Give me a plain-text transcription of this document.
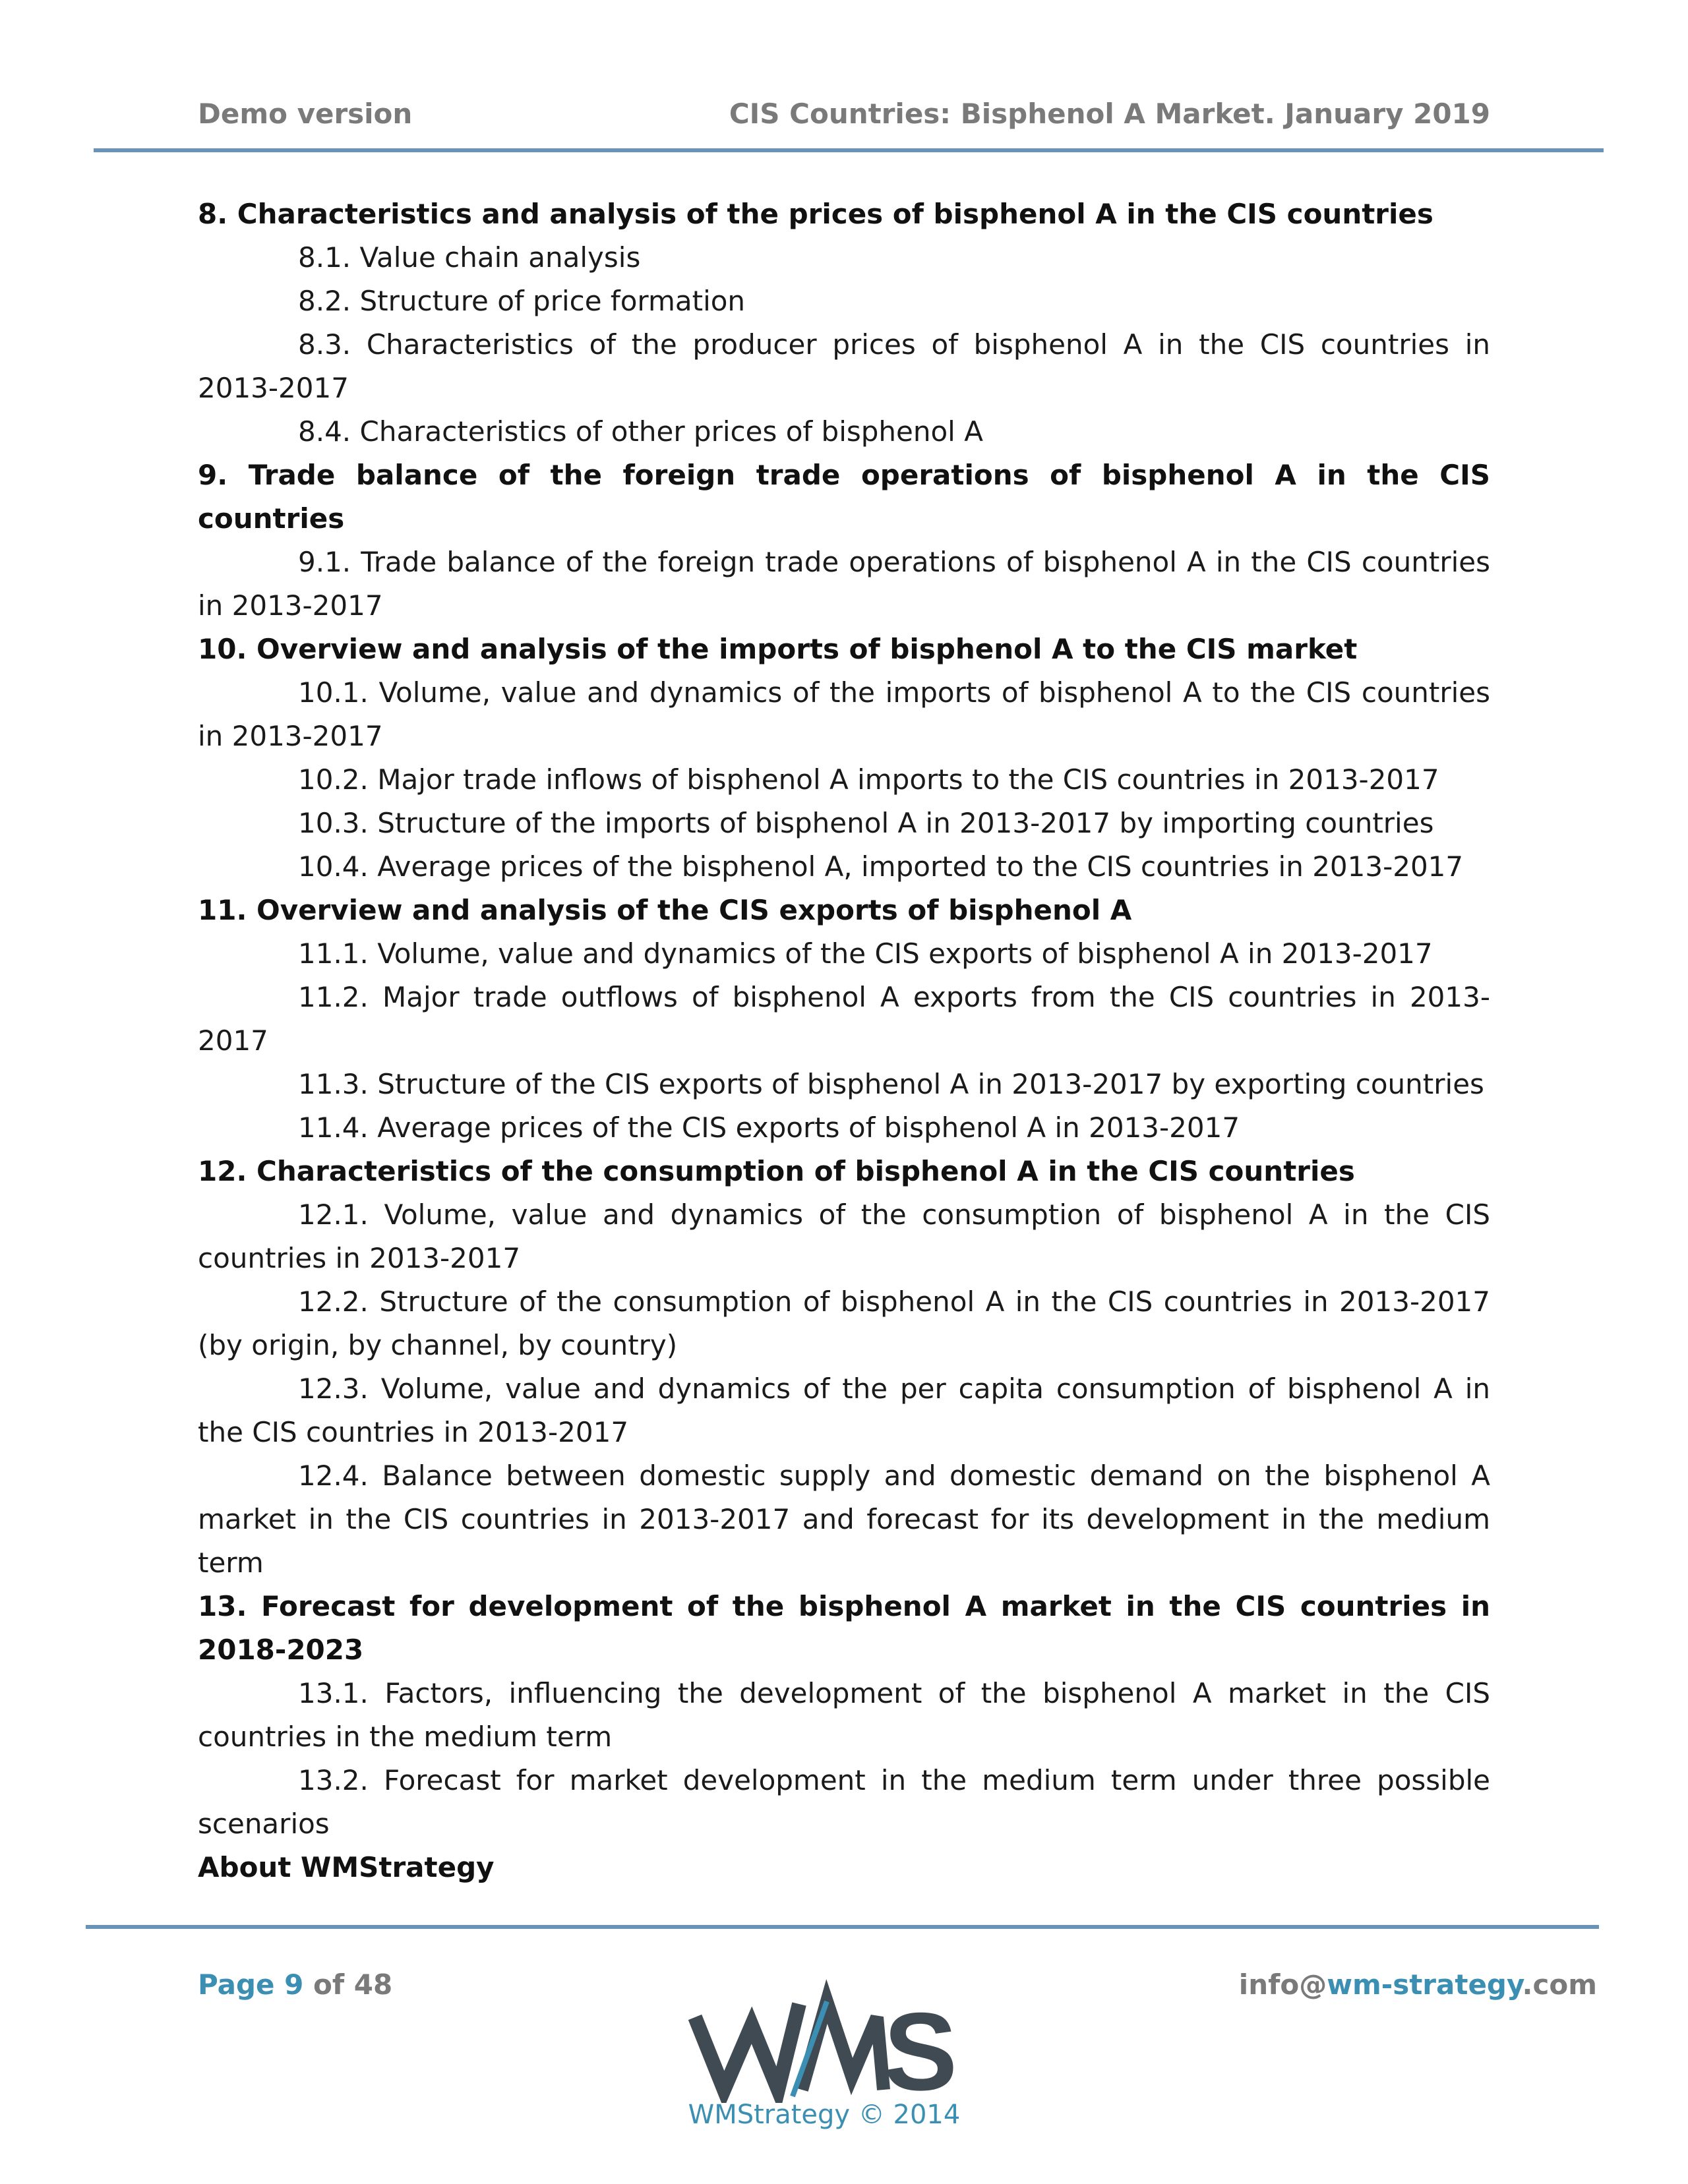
Demo version	CIS Countries: Bisphenol A Market. January 2019

8. Characteristics and analysis of the prices of bisphenol A in the CIS countries

8.1. Value chain analysis

8.2. Structure of price formation

8.3. Characteristics of the producer prices of bisphenol A in the CIS countries in 2013-2017

8.4. Characteristics of other prices of bisphenol A

9. Trade balance of the foreign trade operations of bisphenol A in the CIS countries

9.1. Trade balance of the foreign trade operations of bisphenol A in the CIS countries in 2013-2017

10. Overview and analysis of the imports of bisphenol A to the CIS market

10.1. Volume, value and dynamics of the imports of bisphenol A to the CIS countries in 2013-2017

10.2. Major trade inflows of bisphenol A imports to the CIS countries in 2013-2017

10.3. Structure of the imports of bisphenol A in 2013-2017 by importing countries

10.4. Average prices of the bisphenol A, imported to the CIS countries in 2013-2017

11. Overview and analysis of the CIS exports of bisphenol A

11.1. Volume, value and dynamics of the CIS exports of bisphenol A in 2013-2017

11.2. Major trade outflows of bisphenol A exports from the CIS countries in 2013-2017

11.3. Structure of the CIS exports of bisphenol A in 2013-2017 by exporting countries

11.4. Average prices of the CIS exports of bisphenol A in 2013-2017

12. Characteristics of the consumption of bisphenol A in the CIS countries

12.1. Volume, value and dynamics of the consumption of bisphenol A in the CIS countries in 2013-2017

12.2. Structure of the consumption of bisphenol A in the CIS countries in 2013-2017 (by origin, by channel, by country)

12.3. Volume, value and dynamics of the per capita consumption of bisphenol A in the CIS countries in 2013-2017

12.4. Balance between domestic supply and domestic demand on the bisphenol A market in the CIS countries in 2013-2017 and forecast for its development in the medium term

13. Forecast for development of the bisphenol A market in the CIS countries in 2018-2023

13.1. Factors, influencing the development of the bisphenol A market in the CIS countries in the medium term

13.2. Forecast for market development in the medium term under three possible scenarios

About WMStrategy

Page 9 of 48	info@wm-strategy.com
S
WMStrategy © 2014
